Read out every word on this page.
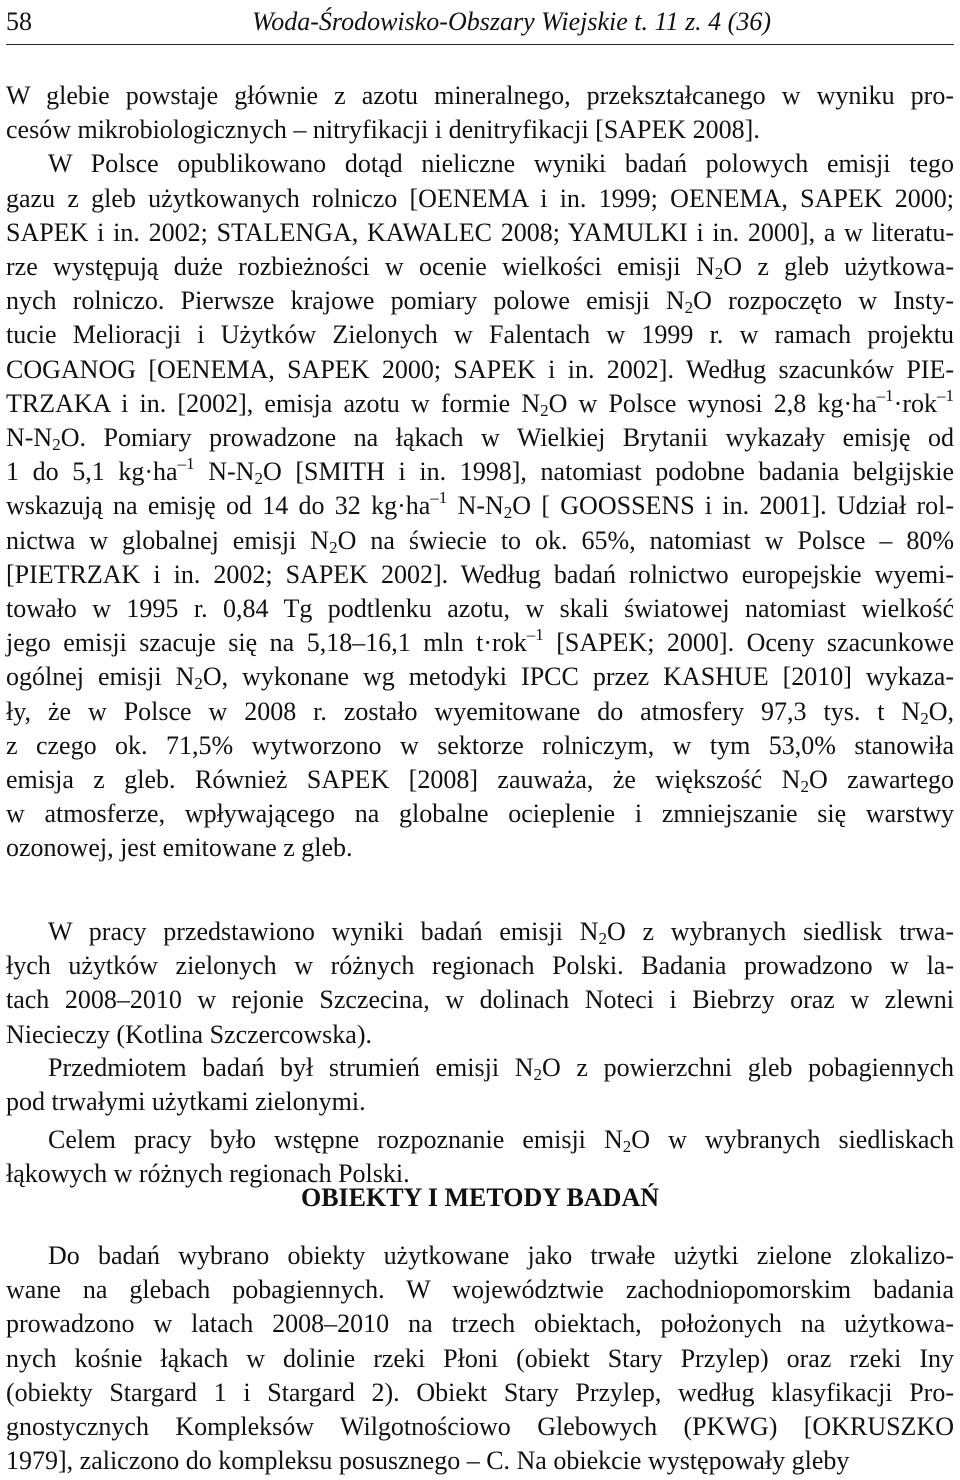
58	Woda-Środowisko-Obszary Wiejskie t. 11 z. 4 (36)
W glebie powstaje głównie z azotu mineralnego, przekształcanego w wyniku pro-
cesów mikrobiologicznych – nitryfikacji i denitryfikacji [SAPEK 2008].
W Polsce opublikowano dotąd nieliczne wyniki badań polowych emisji tego
gazu z gleb użytkowanych rolniczo [OENEMA i in. 1999; OENEMA, SAPEK 2000;
SAPEK i in. 2002; STALENGA, KAWALEC 2008; YAMULKI i in. 2000], a w literatu-
rze występują duże rozbieżności w ocenie wielkości emisji $N_2O$ z gleb użytkowa-
nych rolniczo. Pierwsze krajowe pomiary polowe emisji $N_2O$ rozpoczęto w Insty-
tucie Melioracji i Użytków Zielonych w Falentach w 1999 r. w ramach projektu
COGANOG [OENEMA, SAPEK 2000; SAPEK i in. 2002]. Według szacunków PIE-
TRZAKA i in. [2002], emisja azotu w formie $N_2O$ w Polsce wynosi 2,8 $kg\cdot ha^{-1}\cdot rok^{-1}$
$N-N_2O$. Pomiary prowadzone na łąkach w Wielkiej Brytanii wykazały emisję od
1 do 5,1 $kg\cdot ha^{-1}$ $N-N_2O$ [SMITH i in. 1998], natomiast podobne badania belgijskie
wskazują na emisję od 14 do 32 $kg\cdot ha^{-1}$ $N-N_2O$ [ GOOSSENS i in. 2001]. Udział rol-
nictwa w globalnej emisji $N_2O$ na świecie to ok. 65%, natomiast w Polsce – 80%
[PIETRZAK i in. 2002; SAPEK 2002]. Według badań rolnictwo europejskie wyemi-
towało w 1995 r. 0,84 Tg podtlenku azotu, w skali światowej natomiast wielkość
jego emisji szacuje się na 5,18–16,1 mln t·rok$^{-1}$ [SAPEK; 2000]. Oceny szacunkowe
ogólnej emisji $N_2O$, wykonane wg metodyki IPCC przez KASHUE [2010] wykaza-
ły, że w Polsce w 2008 r. zostało wyemitowane do atmosfery 97,3 tys. t $N_2O$,
z czego ok. 71,5% wytworzono w sektorze rolniczym, w tym 53,0% stanowiła
emisja z gleb. Również SAPEK [2008] zauważa, że większość $N_2O$ zawartego
w atmosferze, wpływającego na globalne ocieplenie i zmniejszanie się warstwy
ozonowej, jest emitowane z gleb.
W pracy przedstawiono wyniki badań emisji $N_2O$ z wybranych siedlisk trwa-
łych użytków zielonych w różnych regionach Polski. Badania prowadzono w la-
tach 2008–2010 w rejonie Szczecina, w dolinach Noteci i Biebrzy oraz w zlewni
Niecieczy (Kotlina Szczercowska).
Przedmiotem badań był strumień emisji $N_2O$ z powierzchni gleb pobagiennych
pod trwałymi użytkami zielonymi.
Celem pracy było wstępne rozpoznanie emisji $N_2O$ w wybranych siedliskach
łąkowych w różnych regionach Polski.
Do badań wybrano obiekty użytkowane jako trwałe użytki zielone zlokalizo-
wane na glebach pobagiennych. W województwie zachodniopomorskim badania
prowadzono w latach 2008–2010 na trzech obiektach, położonych na użytkowa-
nych kośnie łąkach w dolinie rzeki Płoni (obiekt Stary Przylep) oraz rzeki Iny
(obiekty Stargard 1 i Stargard 2). Obiekt Stary Przylep, według klasyfikacji Pro-
gnostycznych Kompleksów Wilgotnościowo Glebowych (PKWG) [OKRUSZKO
1979], zaliczono do kompleksu posusznego – C. Na obiekcie występowały gleby
OBIEKTY I METODY BADAŃ
